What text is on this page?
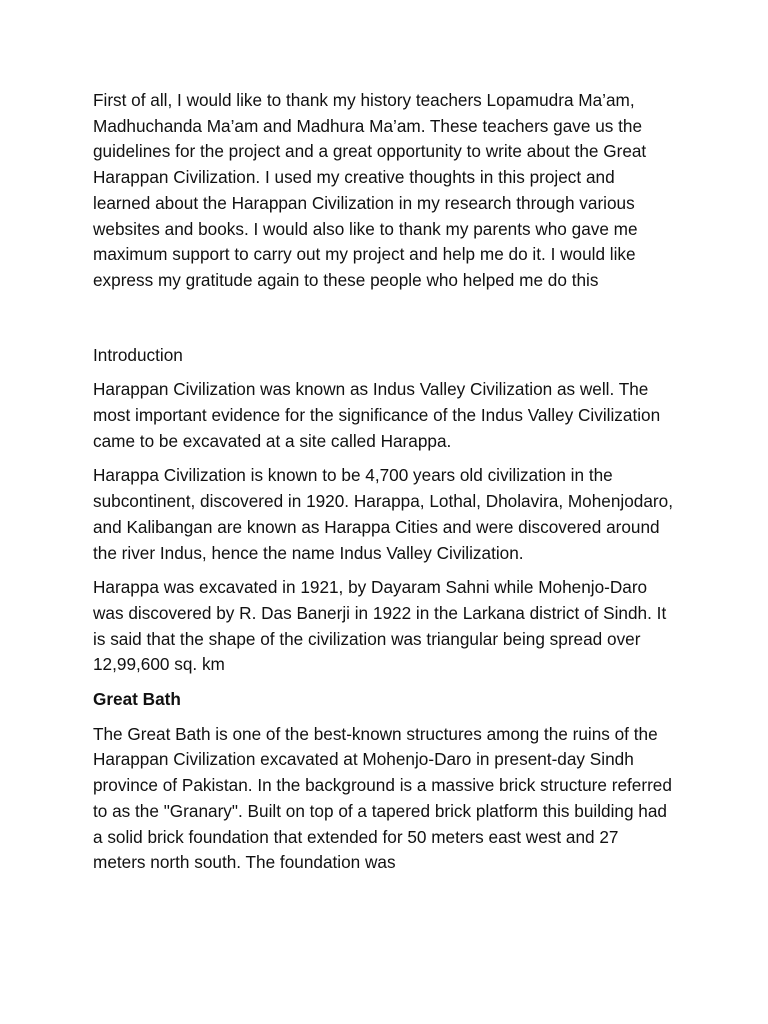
First of all, I would like to thank my history teachers Lopamudra Ma’am, Madhuchanda Ma’am and Madhura Ma’am. These teachers gave us the guidelines for the project and a great opportunity to write about the Great Harappan Civilization. I used my creative thoughts in this project and learned about the Harappan Civilization in my research through various websites and books. I would also like to thank my parents who gave me maximum support to carry out my project and help me do it. I would like express my gratitude again to these people who helped me do this

Introduction

Harappan Civilization was known as Indus Valley Civilization as well. The most important evidence for the significance of the Indus Valley Civilization came to be excavated at a site called Harappa.

Harappa Civilization is known to be 4,700 years old civilization in the subcontinent, discovered in 1920. Harappa, Lothal, Dholavira, Mohenjodaro, and Kalibangan are known as Harappa Cities and were discovered around the river Indus, hence the name Indus Valley Civilization.

Harappa was excavated in 1921, by Dayaram Sahni while Mohenjo-Daro was discovered by R. Das Banerji in 1922 in the Larkana district of Sindh. It is said that the shape of the civilization was triangular being spread over 12,99,600 sq. km

Great Bath

The Great Bath is one of the best-known structures among the ruins of the Harappan Civilization excavated at Mohenjo-Daro in present-day Sindh province of Pakistan. In the background is a massive brick structure referred to as the "Granary". Built on top of a tapered brick platform this building had a solid brick foundation that extended for 50 meters east west and 27 meters north south. The foundation was
